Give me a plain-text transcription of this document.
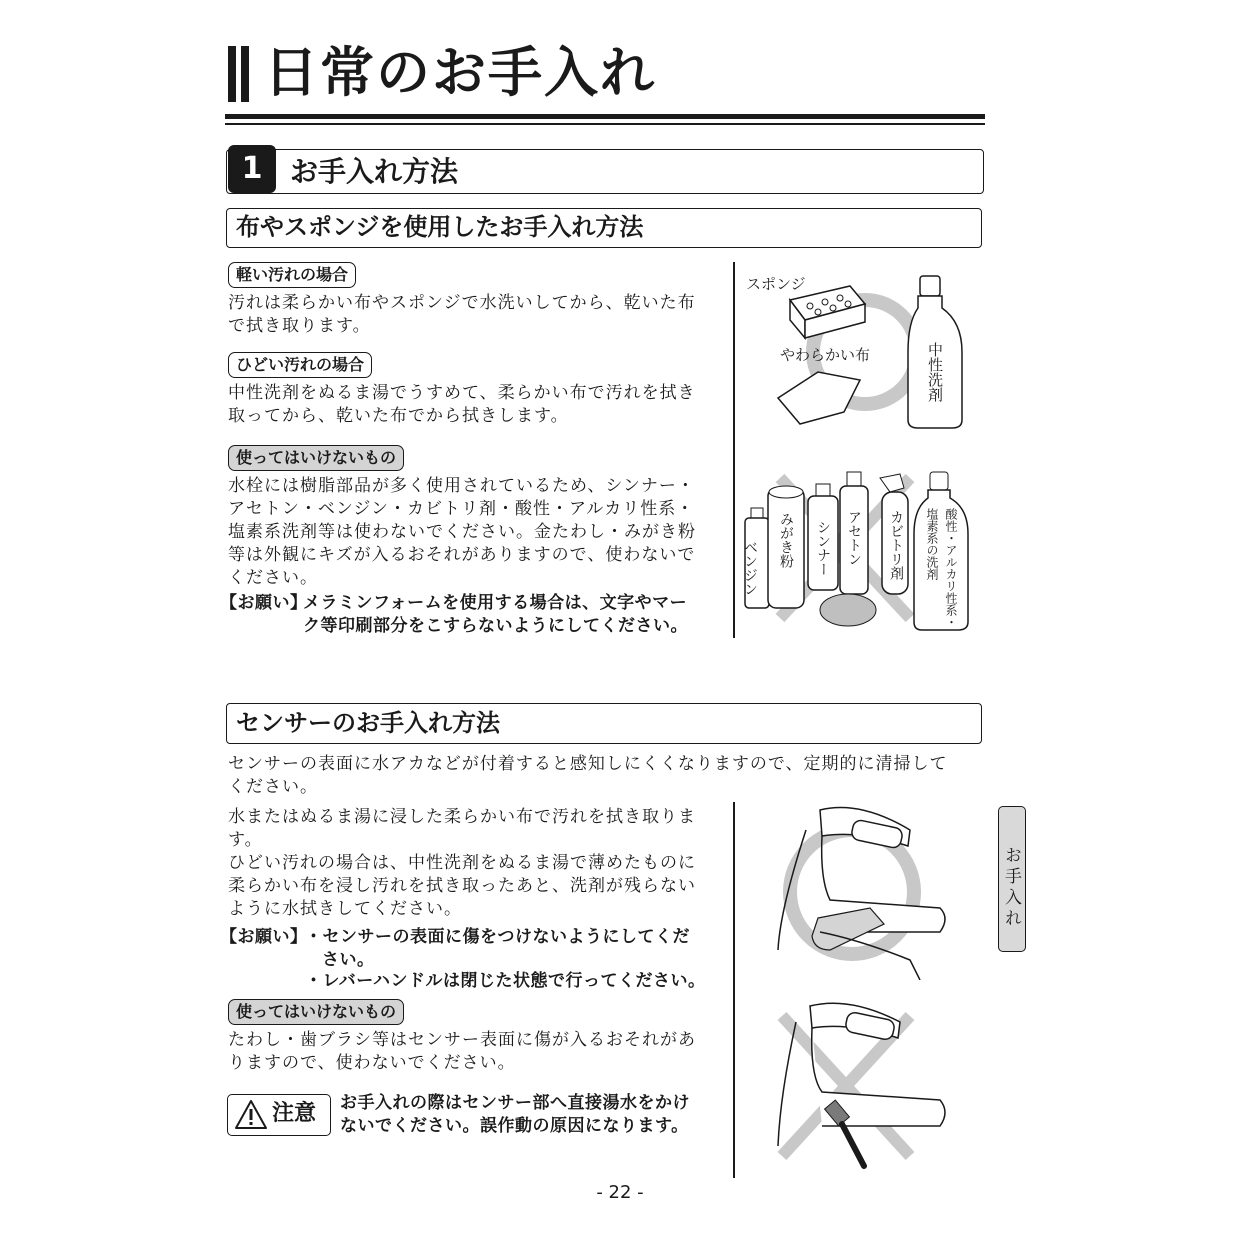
日常のお手入れ
1 お手入れ方法
布やスポンジを使用したお手入れ方法
軽い汚れの場合
汚れは柔らかい布やスポンジで水洗いしてから、乾いた布
で拭き取ります。
ひどい汚れの場合
中性洗剤をぬるま湯でうすめて、柔らかい布で汚れを拭き
取ってから、乾いた布でから拭きします。
使ってはいけないもの
水栓には樹脂部品が多く使用されているため、シンナー・
アセトン・ベンジン・カビトリ剤・酸性・アルカリ性系・
塩素系洗剤等は使わないでください。金たわし・みがき粉
等は外観にキズが入るおそれがありますので、使わないで
ください。
【お願い】
メラミンフォームを使用する場合は、文字やマー
ク等印刷部分をこすらないようにしてください。
スポンジ
やわらかい布	中性洗剤
ベンジン みがき粉 シンナー アセトン カビトリ剤	酸性・アルカリ性系・
塩素系の洗剤
センサーのお手入れ方法
センサーの表面に水アカなどが付着すると感知しにくくなりますので、定期的に清掃して
ください。
水またはぬるま湯に浸した柔らかい布で汚れを拭き取りま
す。
ひどい汚れの場合は、中性洗剤をぬるま湯で薄めたものに
柔らかい布を浸し汚れを拭き取ったあと、洗剤が残らない
ように水拭きしてください。
【お願い】
・センサーの表面に傷をつけないようにしてくだ
さい。
・レバーハンドルは閉じた状態で行ってください。
使ってはいけないもの
たわし・歯ブラシ等はセンサー表面に傷が入るおそれがあ
りますので、使わないでください。
注意 お手入れの際はセンサー部へ直接湯水をかけ
ないでください。誤作動の原因になります。
お手入れ
- 22 -
